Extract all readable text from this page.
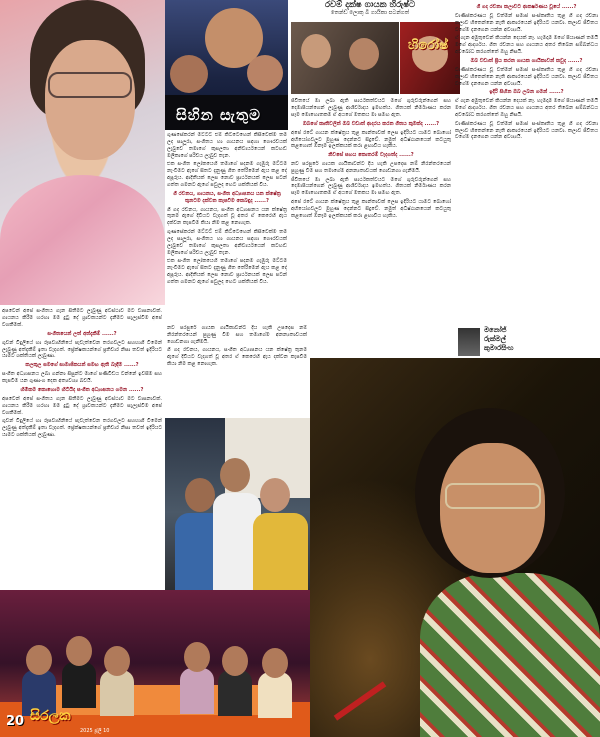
සිහින සැතුම
රවම් දක්ෂ ගායක හිරුෂ්ට
තෙන්ඩ් ලොකු බි ගායිකා පටන්ගත්
හිරෝෂ්

ගුණසේකරන් මට්ටට් එම් කිට්ටෙහෙන් කිසිවෙක්ම තම ලද සාලූරා, සංගීතය හා ගායනය සඳහා ගෞරවයක් ලැබුවෙ තමාගේ කුසලතා අනිවාර්යයෙන් කටහඬ මලිකාගේ පරිචය ලැබුව තැන.

එක සංගීත ලෝකයෙහි තමාගේ පදනම ගැඹුරු මට්ටම නැංවීමට ඇගේ සිතට දැනුණු ගීත තේරීමෙන් ඇය කළ දේ අපූරුය. ආදිතීයක් ලෙස නොව ප්‍රාර්ථනයක් ලෙස පටන් ගත්ත ගමනට ඇගේ පවුලද හෙට ශක්තියක් විය.

ගී රචනය, ගායනය, සංගීත අධ්‍යාපනය යන ක්ෂේත්‍ර තුනටම දක්වන කැපවීම කෙබඳුද ......?

ගී ගද රචනය, ගායනය, සංගීත අධ්‍යාපනය යන ක්ෂේත්‍ර තුනම ඇගේ දිවියට වැදගත් වූ අතර ඒ කෙරෙහි ඇය දක්වන කැපවීම කියා නිම කළ නොහැක.

ගුණසේකරන් මට්ටට් එම් කිට්ටෙහෙන් කිසිවෙක්ම තම ලද සාලූරා, සංගීතය හා ගායනය සඳහා ගෞරවයක් ලැබුවෙ තමාගේ කුසලතා අනිවාර්යයෙන් කටහඬ මලිකාගේ පරිචය ලැබුව තැන.

එක සංගීත ලෝකයෙහි තමාගේ පදනම ගැඹුරු මට්ටම නැංවීමට ඇගේ සිතට දැනුණු ගීත තේරීමෙන් ඇය කළ දේ අපූරුය. ආදිතීයක් ලෙස නොව ප්‍රාර්ථනයක් ලෙස පටන් ගත්ත ගමනට ඇගේ පවුලද හෙට ශක්තියක් විය.

ජීවිතයේ මා ලබා ඇති සාර්ථකත්වයට මගේ ගුරුවරුන්ගෙන් සහ දෙමාපියන්ගෙන් ලැබුණු ආශීර්වාදය ඉමහත්ය. ගීතයක් නිර්මාණය කරන සෑම මොහොතකම ඒ අයගේ මතකය මා සමඟ ඇත.

ඔබගේ කෘතිවලින් ඔබ වඩාත් ආදරය කරන ගීතය කුමක්ද ......?

අපේ රටේ ගායන ක්ෂේත්‍රය තුළ කාන්තාවක් ලෙස ඉදිරියට යාමට බොහෝ අභියෝගවලට මුහුණ දෙන්නට සිදුවේ. නමුත් අධිෂ්ඨානයෙන් කටයුතු කළහොත් ඕනෑම ඉලක්කයක් කරා ළඟාවිය හැකිය.

නිවසේ සහය කොතරම් වැදගත්ද ......?

නව පරපුරේ ගායක ගායිකාවන්ට දිය හැකි උපදෙස නම් නිරන්තරයෙන් පුහුණු වීම සහ තමාගේම අනන්‍යතාවයක් ගොඩනගා ගැනීමයි.

ජීවිතයේ මා ලබා ඇති සාර්ථකත්වයට මගේ ගුරුවරුන්ගෙන් සහ දෙමාපියන්ගෙන් ලැබුණු ආශීර්වාදය ඉමහත්ය. ගීතයක් නිර්මාණය කරන සෑම මොහොතකම ඒ අයගේ මතකය මා සමඟ ඇත.

අපේ රටේ ගායන ක්ෂේත්‍රය තුළ කාන්තාවක් ලෙස ඉදිරියට යාමට බොහෝ අභියෝගවලට මුහුණ දෙන්නට සිදුවේ. නමුත් අධිෂ්ඨානයෙන් කටයුතු කළහොත් ඕනෑම ඉලක්කයක් කරා ළඟාවිය හැකිය.

ගී ගද රචනා කලාවට ආකර්ෂණය වූයේ ......?

වාණිජකරණය වූ වත්මන් සමාජ සංස්කෘතිය තුළ ගී ගද රචනා කලාව හිතෙන්නෙ නැති ආකාරයෙන් ඉදිරියට යනවා. කලාව ජීවිතය වගේම දැනගෙන යන්න අවශ්‍යයි.

ඒ ගැන අමුතුවෙන් කියන්න දෙයක් නෑ. හැමදාම මගේ පියාණන් තමයි මගේ ආදර්ශය. ගීත රචනය සහ ගායනය අතර තිබෙන සම්බන්ධය අවබෝධ කරගත්තේ ඔහු නිසයි.

ඔබ වඩාත් ප්‍රිය කරන ගායක ගායිකාවන් කවුද ......?

වාණිජකරණය වූ වත්මන් සමාජ සංස්කෘතිය තුළ ගී ගද රචනා කලාව හිතෙන්නෙ නැති ආකාරයෙන් ඉදිරියට යනවා. කලාව ජීවිතය වගේම දැනගෙන යන්න අවශ්‍යයි.

ඉදිරි සිහින ඔබ ලබන ගමන් ......?

ඒ ගැන අමුතුවෙන් කියන්න දෙයක් නෑ. හැමදාම මගේ පියාණන් තමයි මගේ ආදර්ශය. ගීත රචනය සහ ගායනය අතර තිබෙන සම්බන්ධය අවබෝධ කරගත්තේ ඔහු නිසයි.

වාණිජකරණය වූ වත්මන් සමාජ සංස්කෘතිය තුළ ගී ගද රචනා කලාව හිතෙන්නෙ නැති ආකාරයෙන් ඉදිරියට යනවා. කලාව ජීවිතය වගේම දැනගෙන යන්න අවශ්‍යයි.

අපවෙන් අපේ සංගීතය ගැන සිතීමට ලැබුණු අවස්ථාව මට වාසනාවක්. ගායනය කිරීම හරහා මම දුටු දේ ශ්‍රාවකයන්ට දැනීමට සැලැස්වීම අපේ වගකීමක්.

සංගීතයෙන් ලත් අත්දැකීම් ......?

ගුවන් විදුලියේ හා රූපවාහිනියේ පැවැත්වෙන තරගවලට සහභාගී වීමෙන් ලැබුණු අත්දැකීම් ඉතා වැදගත්. ප්‍රේක්ෂකයන්ගේ ප්‍රතිචාර නිසා තවත් ඉදිරියට යාමට ශක්තියක් ලැබුණා.

කලකුල සමගේ සාමාජිකයන් සමඟ ඇති බැඳීම ......?

සංගීත අධ්‍යාපනය ලබා ගන්නා සිසුන්ට මාගේ පණිවිඩය වන්නේ ඉවසීම සහ කැපවීම යන ගුණාංග දෙක අත්‍යවශ්‍ය බවයි.

හිමිකම කොහොම හිටියිද සංගීත අධ්‍යාපනය ගමන ......?

අපවෙන් අපේ සංගීතය ගැන සිතීමට ලැබුණු අවස්ථාව මට වාසනාවක්. ගායනය කිරීම හරහා මම දුටු දේ ශ්‍රාවකයන්ට දැනීමට සැලැස්වීම අපේ වගකීමක්.

ගුවන් විදුලියේ හා රූපවාහිනියේ පැවැත්වෙන තරගවලට සහභාගී වීමෙන් ලැබුණු අත්දැකීම් ඉතා වැදගත්. ප්‍රේක්ෂකයන්ගේ ප්‍රතිචාර නිසා තවත් ඉදිරියට යාමට ශක්තියක් ලැබුණා.

නව පරපුරේ ගායක ගායිකාවන්ට දිය හැකි උපදෙස නම් නිරන්තරයෙන් පුහුණු වීම සහ තමාගේම අනන්‍යතාවයක් ගොඩනගා ගැනීමයි.

ගී ගද රචනය, ගායනය, සංගීත අධ්‍යාපනය යන ක්ෂේත්‍ර තුනම ඇගේ දිවියට වැදගත් වූ අතර ඒ කෙරෙහි ඇය දක්වන කැපවීම කියා නිම කළ නොහැක.

මනෝජ්
රුක්මල්
කුමාරසිංහ
20 සිරලක
2025 ජූලි 10
